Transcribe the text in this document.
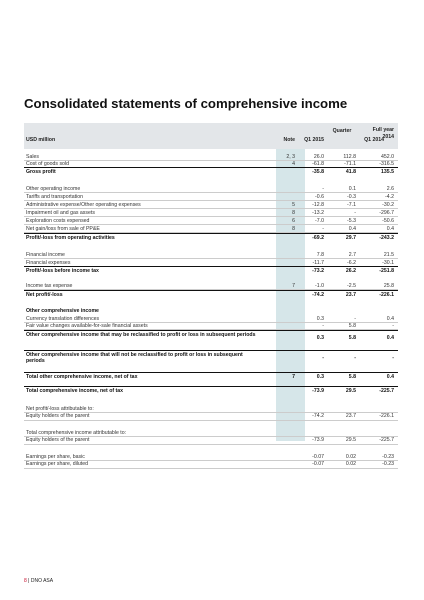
Consolidated statements of comprehensive income
USD million	Note
Quarter
Q1 2015	Q1 2014
Full year
2014
Sales	2, 3	26.0	112.8	452.0
Cost of goods sold	4	-61.8	-71.1	-316.5
Gross profit	-35.8	41.8	135.5
Other operating income	-	0.1	2.6
Tariffs and transportation	-0.6	-0.3	-4.2
Administrative expense/Other operating expenses	5	-12.8	-7.1	-30.2
Impairment oil and gas assets	8	-13.2	-	-296.7
Exploration costs expensed	6	-7.0	-5.3	-50.6
Net gain/loss from sale of PP&E	8	-	0.4	0.4
Profit/-loss from operating activities	-69.2	29.7	-243.2
Financial income	7.8	2.7	21.5
Financial expenses	-11.7	-6.2	-30.1
Profit/-loss before income tax	-73.2	26.2	-251.8
Income tax expense	7	-1.0	-2.5	25.8
Net profit/-loss	-74.2	23.7	-226.1
Other comprehensive income
Currency translation differences	0.3	-	0.4
Fair value changes available-for-sale financial assets	-	5.8	-
Other comprehensive income that may be reclassified to profit or loss in subsequent periods	0.3	5.8	0.4
Other comprehensive income that will not be reclassified to profit or loss in subsequent periods	-	-	-
Total other comprehensive income, net of tax	7	0.3	5.8	0.4
Total comprehensive income, net of tax	-73.9	29.5	-225.7
Net profit/-loss attributable to:
Equity holders of the parent	-74.2	23.7	-226.1
Total comprehensive income attributable to:
Equity holders of the parent	-73.9	29.5	-225.7
Earnings per share, basic	-0.07	0.02	-0.23
Earnings per share, diluted	-0.07	0.02	-0.23
8 | DNO ASA
